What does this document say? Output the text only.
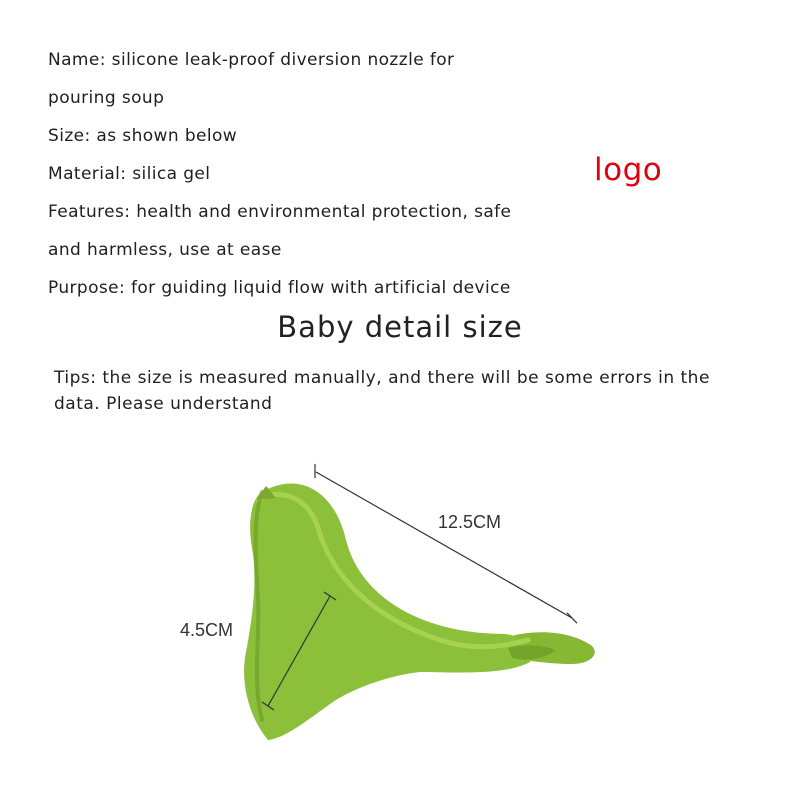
Name: silicone leak-proof diversion nozzle for
pouring soup
Size: as shown below
Material: silica gel
Features: health and environmental protection, safe
and harmless, use at ease
Purpose: for guiding liquid flow with artificial device
logo
Baby detail size
Tips: the size is measured manually, and there will be some errors in the data. Please understand
12.5CM
4.5CM
